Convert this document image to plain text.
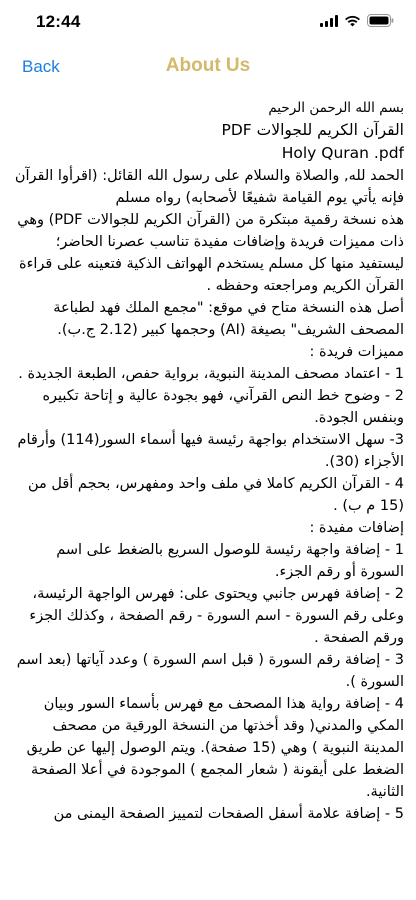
12:44
Back	About Us

بسم الله الرحمن الرحيم

القرآن الكريم للجوالات PDF

Holy Quran .pdf

الحمد لله, والصلاة والسلام على رسول الله القائل: (اقرأوا القرآن فإنه يأتي يوم القيامة شفيعًا لأصحابه) رواه مسلم

هذه نسخة رقمية مبتكرة من (القرآن الكريم للجوالات PDF) وهي ذات مميزات فريدة وإضافات مفيدة تناسب عصرنا الحاضر؛ ليستفيد منها كل مسلم يستخدم الهواتف الذكية فتعينه على قراءة القرآن الكريم ومراجعته وحفظه .

أصل هذه النسخة متاح في موقع: "مجمع الملك فهد لطباعة المصحف الشريف" بصيغة (AI) وحجمها كبير (2.12 ج.ب).

مميزات فريدة :

1 - اعتماد مصحف المدينة النبوية، برواية حفص، الطبعة الجديدة .

2 - وضوح خط النص القرآني، فهو بجودة عالية و إتاحة تكبيره وبنفس الجودة.

3- سهل الاستخدام بواجهة رئيسة فيها أسماء السور(114) وأرقام الأجزاء (30).

4 - القرآن الكريم كاملا في ملف واحد ومفهرس، بحجم أقل من (15 م ب) .

إضافات مفيدة :

1 - إضافة واجهة رئيسة للوصول السريع بالضغط على اسم السورة أو رقم الجزء.

2 - إضافة فهرس جانبي ويحتوى على: فهرس الواجهة الرئيسة، وعلى رقم السورة - اسم السورة - رقم الصفحة ، وكذلك الجزء ورقم الصفحة .

3 - إضافة رقم السورة ( قبل اسم السورة ) وعدد آياتها (بعد اسم السورة ).

4 - إضافة رواية هذا المصحف مع فهرس بأسماء السور وبيان المكي والمدني( وقد أخذتها من النسخة الورقية من مصحف المدينة النبوية ) وهي (15 صفحة). ويتم الوصول إليها عن طريق الضغط على أيقونة ( شعار المجمع ) الموجودة في أعلا الصفحة الثانية.

5 - إضافة علامة أسفل الصفحات لتمييز الصفحة اليمنى من
